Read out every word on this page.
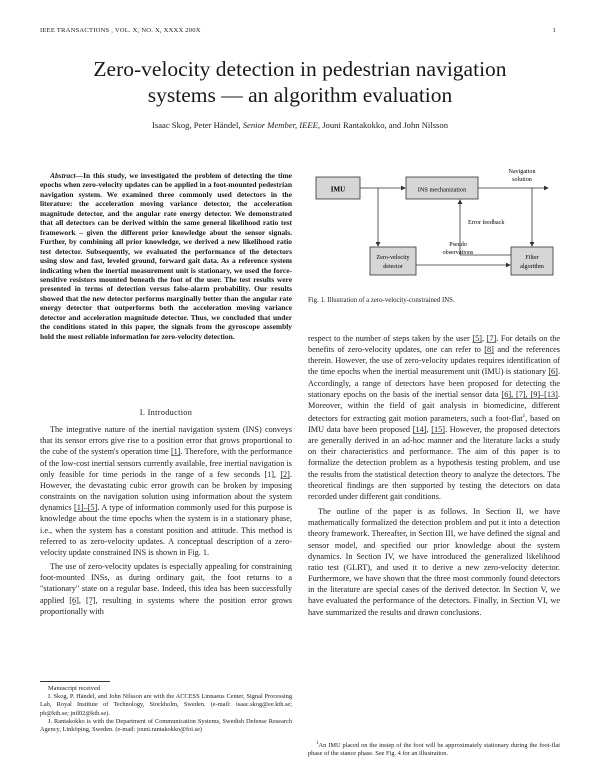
IEEE TRANSACTIONS , VOL. X, NO. X, XXXX 200X	1
Zero-velocity detection in pedestrian navigation
systems — an algorithm evaluation
Isaac Skog, Peter Händel, Senior Member, IEEE, Jouni Rantakokko, and John Nilsson

Abstract—In this study, we investigated the problem of detecting the time epochs when zero-velocity updates can be applied in a foot-mounted pedestrian navigation system. We examined three commonly used detectors in the literature: the acceleration moving variance detector, the acceleration magnitude detector, and the angular rate energy detector. We demonstrated that all detectors can be derived within the same general likelihood ratio test framework – given the different prior knowledge about the sensor signals. Further, by combining all prior knowledge, we derived a new likelihood ratio test detector. Subsequently, we evaluated the performance of the detectors using slow and fast, leveled ground, forward gait data. As a reference system indicating when the inertial measurement unit is stationary, we used the force-sensitive resistors mounted beneath the foot of the user. The test results were presented in terms of detection versus false-alarm probability. Our results showed that the new detector performs marginally better than the angular rate energy detector that outperforms both the acceleration moving variance detector and acceleration magnitude detector. Thus, we concluded that under the conditions stated in this paper, the signals from the gyroscope assembly hold the most reliable information for zero-velocity detection.

I. Introduction

The integrative nature of the inertial navigation system (INS) conveys that its sensor errors give rise to a position error that grows proportional to the cube of the system's operation time [1]. Therefore, with the performance of the low-cost inertial sensors currently available, free inertial navigation is only feasible for time periods in the range of a few seconds [1], [2]. However, the devastating cubic error growth can be broken by imposing constraints on the navigation solution using information about the system dynamics [1]–[5]. A type of information commonly used for this purpose is knowledge about the time epochs when the system is in a stationary phase, i.e., when the system has a constant position and attitude. This method is referred to as zero-velocity updates. A conceptual description of a zero-velocity update constrained INS is shown in Fig. 1.

The use of zero-velocity updates is especially appealing for constraining foot-mounted INSs, as during ordinary gait, the foot returns to a "stationary" state on a regular base. Indeed, this idea has been successfully applied [6], [7], resulting in systems where the position error grows proportionally with

Manuscript received

I. Skog, P. Händel, and John Nilsson are with the ACCESS Linnaeus Center, Signal Processing Lab, Royal Institute of Technology, Stockholm, Sweden. (e-mail: isaac.skog@ee.kth.se; ph@kth.se; jnil02@kth.se).

J. Rantakokko is with the Department of Communication Systems, Swedish Defense Research Agency, Linköping, Sweden. (e-mail: jouni.rantakokko@foi.se)

IMU	INS mechanization
Zero-velocity
detector
Filter
algorithm
Navigation
solution
Error feedback
Pseudo
observations
Fig. 1. Illustration of a zero-velocity-constrained INS.

respect to the number of steps taken by the user [5], [7]. For details on the benefits of zero-velocity updates, one can refer to [8] and the references therein. However, the use of zero-velocity updates requires identification of the time epochs when the inertial measurement unit (IMU) is stationary [6]. Accordingly, a range of detectors have been proposed for detecting the stationary epochs on the basis of the inertial sensor data [6], [7], [9]–[13]. Moreover, within the field of gait analysis in biomedicine, different detectors for extracting gait motion parameters, such a foot-flat$^1$, based on IMU data have been proposed [14], [15]. However, the proposed detectors are generally derived in an ad-hoc manner and the literature lacks a study on their characteristics and performance. The aim of this paper is to formalize the detection problem as a hypothesis testing problem, and use the results from the statistical detection theory to analyze the detectors. The theoretical findings are then supported by testing the detectors on data recorded under different gait conditions.

The outline of the paper is as follows. In Section II, we have mathematically formalized the detection problem and put it into a detection theory framework. Thereafter, in Section III, we have defined the signal and sensor model, and specified our prior knowledge about the system dynamics. In Section IV, we have introduced the generalized likelihood ratio test (GLRT), and used it to derive a new zero-velocity detector. Furthermore, we have shown that the three most commonly found detectors in the literature are special cases of the derived detector. In Section V, we have evaluated the performance of the detectors. Finally, in Section VI, we have summarized the results and drawn conclusions.

$^1$An IMU placed on the instep of the foot will be approximately stationary during the foot-flat phase of the stance phase. See Fig. 4 for an illustration.
